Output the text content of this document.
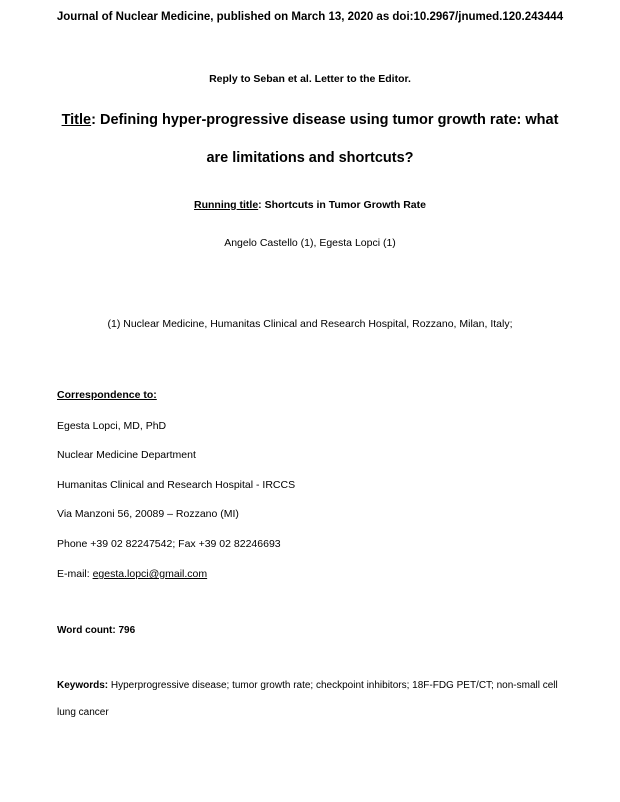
Journal of Nuclear Medicine, published on March 13, 2020 as doi:10.2967/jnumed.120.243444
Reply to Seban et al. Letter to the Editor.
Title: Defining hyper-progressive disease using tumor growth rate: what
are limitations and shortcuts?
Running title: Shortcuts in Tumor Growth Rate
Angelo Castello (1), Egesta Lopci (1)
(1) Nuclear Medicine, Humanitas Clinical and Research Hospital, Rozzano, Milan, Italy;
Correspondence to:
Egesta Lopci, MD, PhD
Nuclear Medicine Department
Humanitas Clinical and Research Hospital - IRCCS
Via Manzoni 56, 20089 – Rozzano (MI)
Phone +39 02 82247542; Fax +39 02 82246693
E-mail: egesta.lopci@gmail.com
Word count: 796
Keywords: Hyperprogressive disease; tumor growth rate; checkpoint inhibitors; 18F-FDG PET/CT; non-small cell
lung cancer
